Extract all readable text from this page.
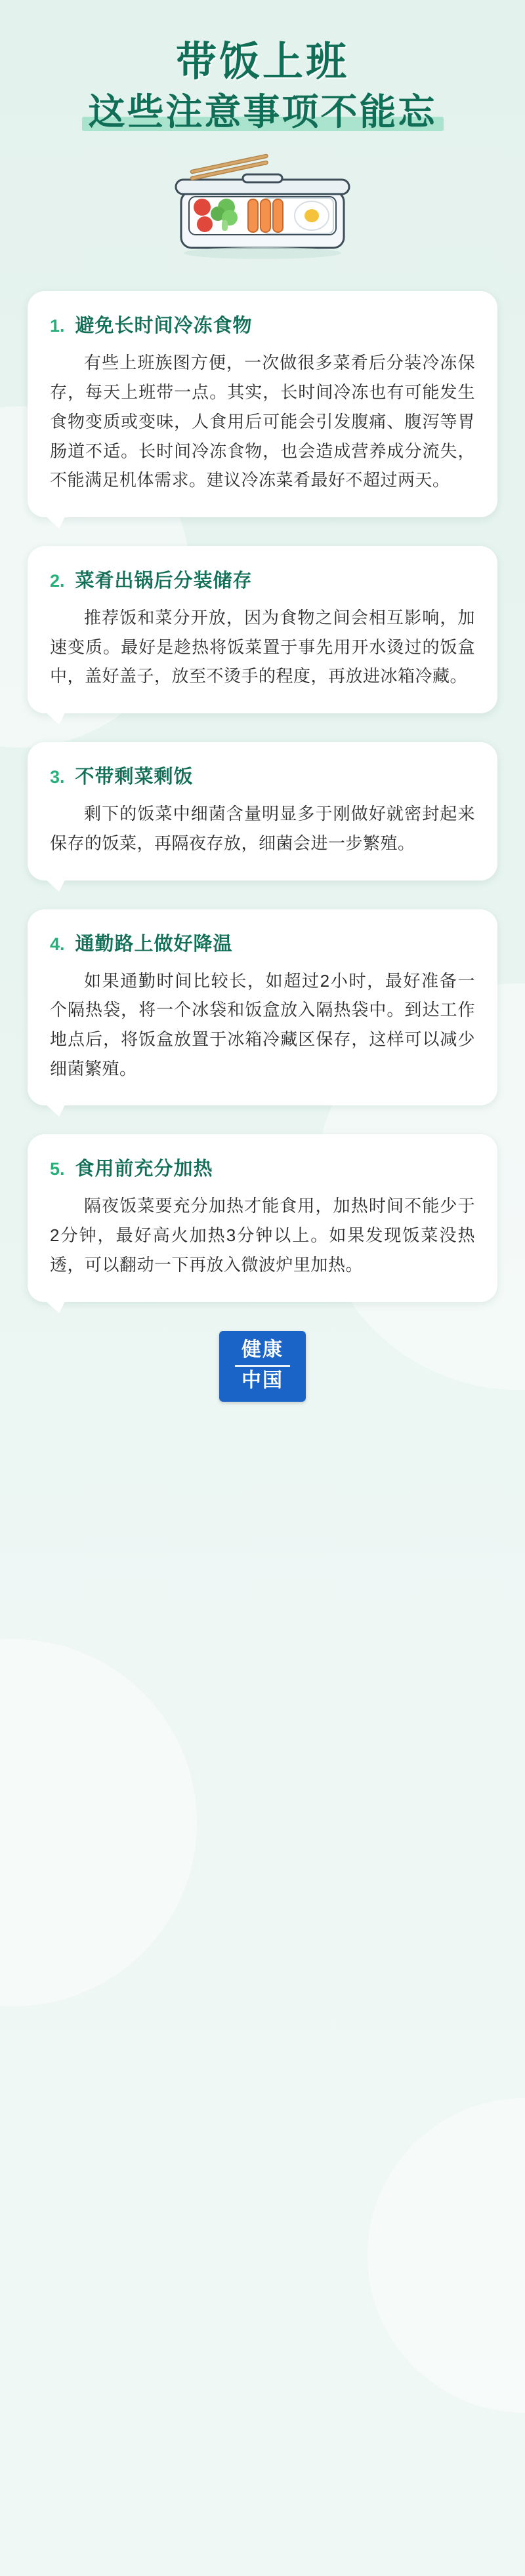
带饭上班
这些注意事项不能忘
1. 避免长时间冷冻食物
有些上班族图方便，一次做很多菜肴后分装冷冻保存，每天上班带一点。其实，长时间冷冻也有可能发生食物变质或变味，人食用后可能会引发腹痛、腹泻等胃肠道不适。长时间冷冻食物，也会造成营养成分流失，不能满足机体需求。建议冷冻菜肴最好不超过两天。
2. 菜肴出锅后分装储存
推荐饭和菜分开放，因为食物之间会相互影响，加速变质。最好是趁热将饭菜置于事先用开水烫过的饭盒中，盖好盖子，放至不烫手的程度，再放进冰箱冷藏。
3. 不带剩菜剩饭
剩下的饭菜中细菌含量明显多于刚做好就密封起来保存的饭菜，再隔夜存放，细菌会进一步繁殖。
4. 通勤路上做好降温
如果通勤时间比较长，如超过2小时，最好准备一个隔热袋，将一个冰袋和饭盒放入隔热袋中。到达工作地点后，将饭盒放置于冰箱冷藏区保存，这样可以减少细菌繁殖。
5. 食用前充分加热
隔夜饭菜要充分加热才能食用，加热时间不能少于2分钟，最好高火加热3分钟以上。如果发现饭菜没热透，可以翻动一下再放入微波炉里加热。
健康
中国
